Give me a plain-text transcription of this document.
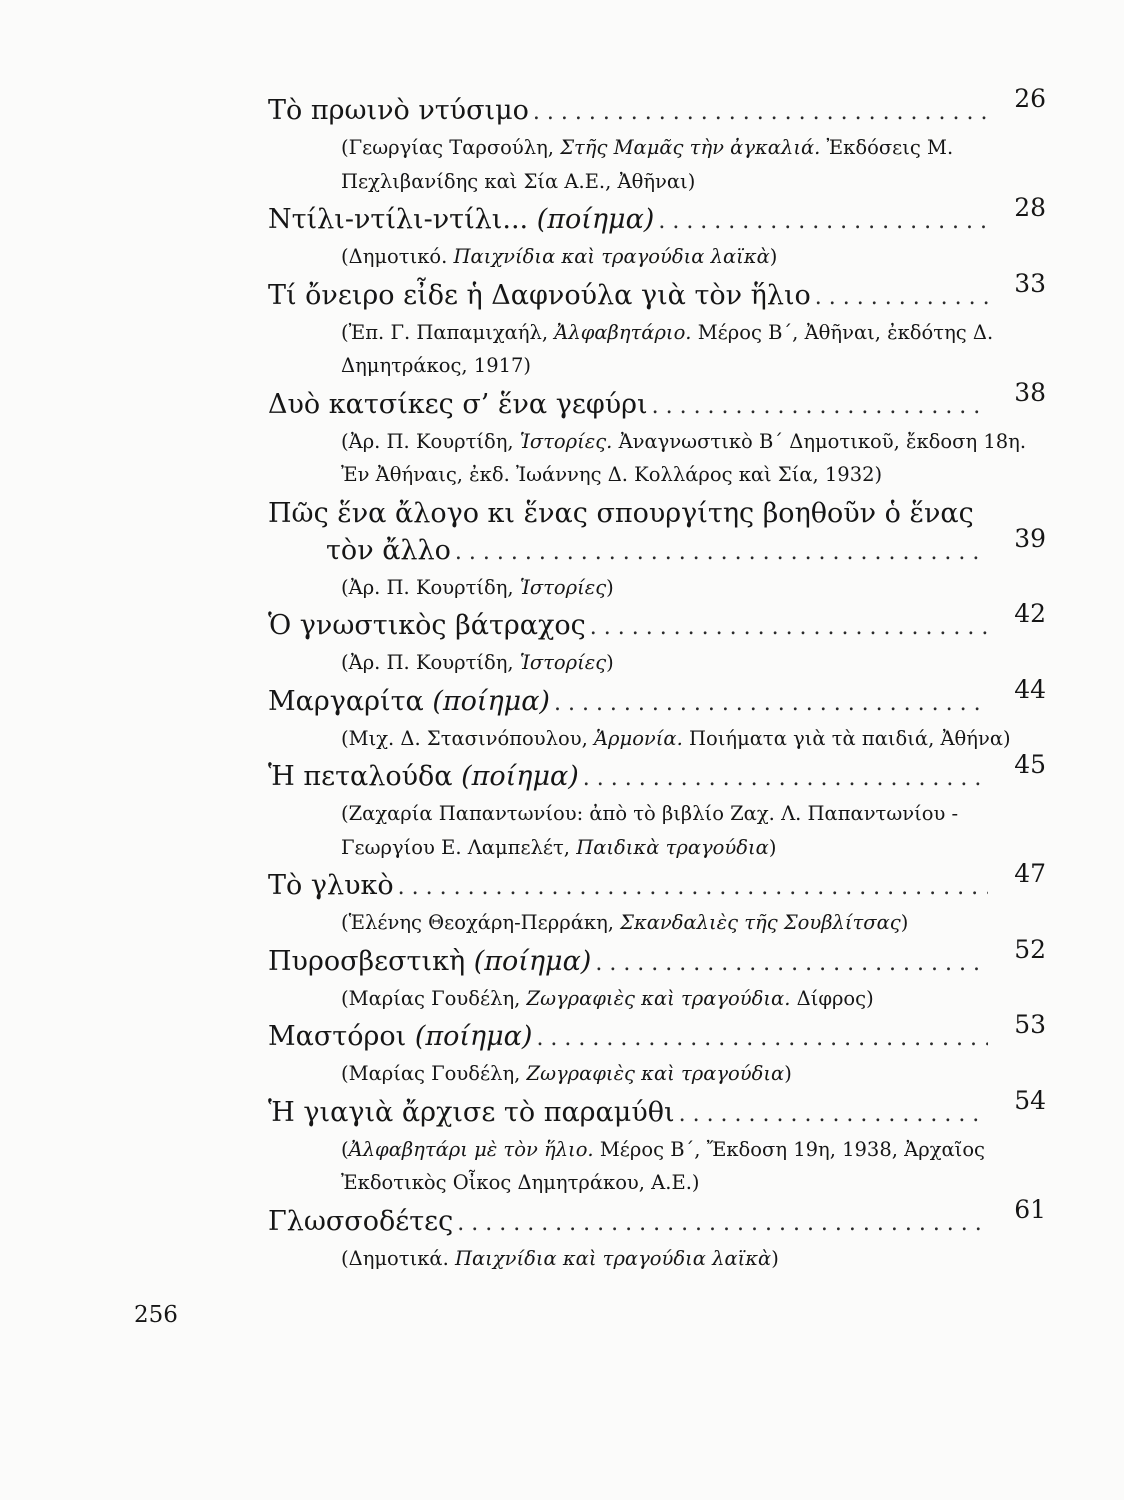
Τὸ πρωινὸ ντύσιμο . . .	26
(Γεωργίας Ταρσούλη, Στῆς Μαμᾶς τὴν ἀγκαλιά. Ἐκδόσεις Μ. Πεχλιβανίδης καὶ Σία Α.Ε., Ἀθῆναι)
Ντίλι-ντίλι-ντίλι... (ποίημα) . . .	28
(Δημοτικό. Παιχνίδια καὶ τραγούδια λαϊκὰ)
Τί ὄνειρο εἶδε ἡ Δαφνούλα γιὰ τὸν ἥλιο . . .	33
(Ἐπ. Γ. Παπαμιχαήλ, Ἀλφαβητάριο. Μέρος Β΄, Ἀθῆναι, ἐκδότης Δ. Δημητράκος, 1917)
Δυὸ κατσίκες σ’ ἕνα γεφύρι . . .	38
(Ἀρ. Π. Κουρτίδη, Ἱστορίες. Ἀναγνωστικὸ Β΄ Δημοτικοῦ, ἔκδοση 18η. Ἐν Ἀθήναις, ἐκδ. Ἰωάννης Δ. Κολλάρος καὶ Σία, 1932)
Πῶς ἕνα ἄλογο κι ἕνας σπουργίτης βοηθοῦν ὁ ἕνας
τὸν ἄλλο . . .	39
(Ἀρ. Π. Κουρτίδη, Ἱστορίες)
Ὁ γνωστικὸς βάτραχος . . .	42
(Ἀρ. Π. Κουρτίδη, Ἱστορίες)
Μαργαρίτα (ποίημα) . . .	44
(Μιχ. Δ. Στασινόπουλου, Ἁρμονία. Ποιήματα γιὰ τὰ παιδιά, Ἀθήνα)
Ἡ πεταλούδα (ποίημα) . . .	45
(Ζαχαρία Παπαντωνίου: ἀπὸ τὸ βιβλίο Ζαχ. Λ. Παπαντωνίου - Γεωργίου Ε. Λαμπελέτ, Παιδικὰ τραγούδια)
Τὸ γλυκὸ . . .	47
(Ἑλένης Θεοχάρη-Περράκη, Σκανδαλιὲς τῆς Σουβλίτσας)
Πυροσβεστικὴ (ποίημα) . . .	52
(Μαρίας Γουδέλη, Ζωγραφιὲς καὶ τραγούδια. Δίφρος)
Μαστόροι (ποίημα) . . .	53
(Μαρίας Γουδέλη, Ζωγραφιὲς καὶ τραγούδια)
Ἡ γιαγιὰ ἄρχισε τὸ παραμύθι . . .	54
(Ἀλφαβητάρι μὲ τὸν ἥλιο. Μέρος Β΄, Ἔκδοση 19η, 1938, Ἀρχαῖος Ἐκδοτικὸς Οἶκος Δημητράκου, Α.Ε.)
Γλωσσοδέτες . . .	61
(Δημοτικά. Παιχνίδια καὶ τραγούδια λαϊκὰ)
256
